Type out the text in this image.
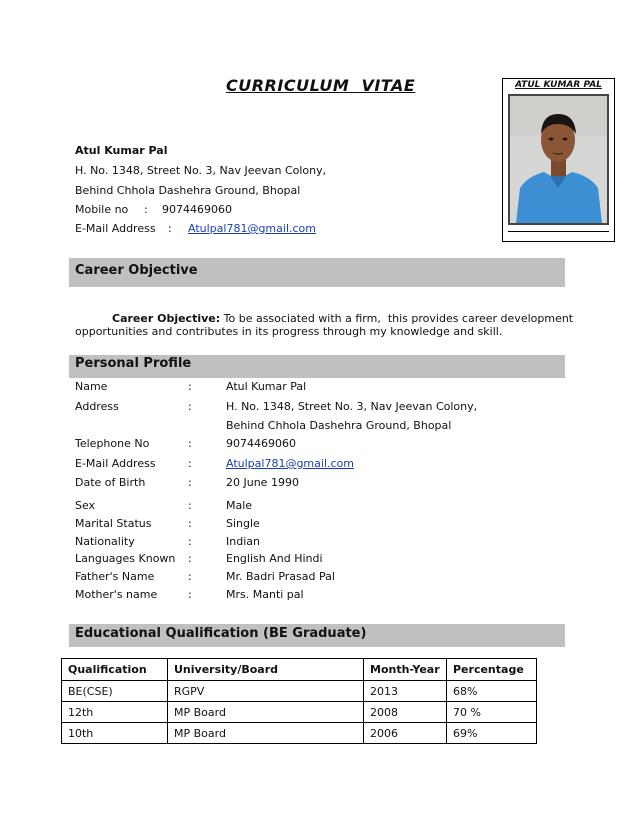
CURRICULUM  VITAE	ATUL KUMAR PAL
Atul Kumar Pal
H. No. 1348, Street No. 3, Nav Jeevan Colony,
Behind Chhola Dashehra Ground, Bhopal
Mobile no : 9074469060
E-Mail Address : Atulpal781@gmail.com
Career Objective
Career Objective: To be associated with a firm,  this provides career development
opportunities and contributes in its progress through my knowledge and skill.
Personal Profile
Name	:	Atul Kumar Pal
Address	:	H. No. 1348, Street No. 3, Nav Jeevan Colony,
Behind Chhola Dashehra Ground, Bhopal
Telephone No	:	9074469060
E-Mail Address	:	Atulpal781@gmail.com
Date of Birth	:	20 June 1990
Sex	:	Male
Marital Status	:	Single
Nationality	:	Indian
Languages Known :	English And Hindi
Father's Name	:	Mr. Badri Prasad Pal
Mother's name	:	Mrs. Manti pal
Educational Qualification (BE Graduate)
Qualification	University/Board	Month-Year	Percentage
BE(CSE)	RGPV	2013	68%
12th	MP Board	2008	70 %
10th	MP Board	2006	69%
